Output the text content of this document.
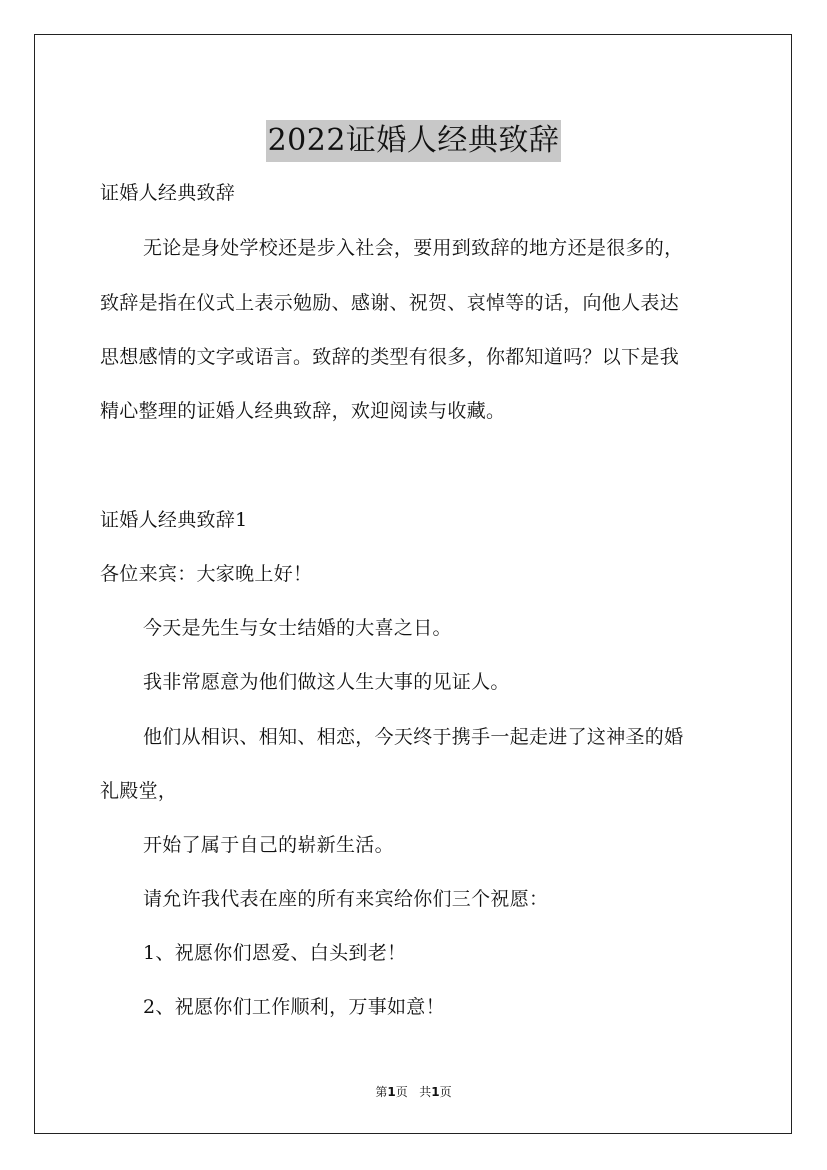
2022证婚人经典致辞
证婚人经典致辞
无论是身处学校还是步入社会，要用到致辞的地方还是很多的，
致辞是指在仪式上表示勉励、感谢、祝贺、哀悼等的话，向他人表达
思想感情的文字或语言。致辞的类型有很多，你都知道吗？以下是我
精心整理的证婚人经典致辞，欢迎阅读与收藏。
证婚人经典致辞1
各位来宾：大家晚上好！
今天是先生与女士结婚的大喜之日。
我非常愿意为他们做这人生大事的见证人。
他们从相识、相知、相恋，今天终于携手一起走进了这神圣的婚
礼殿堂，
开始了属于自己的崭新生活。
请允许我代表在座的所有来宾给你们三个祝愿：
1、祝愿你们恩爱、白头到老！
2、祝愿你们工作顺利，万事如意！
第1页 共1页
